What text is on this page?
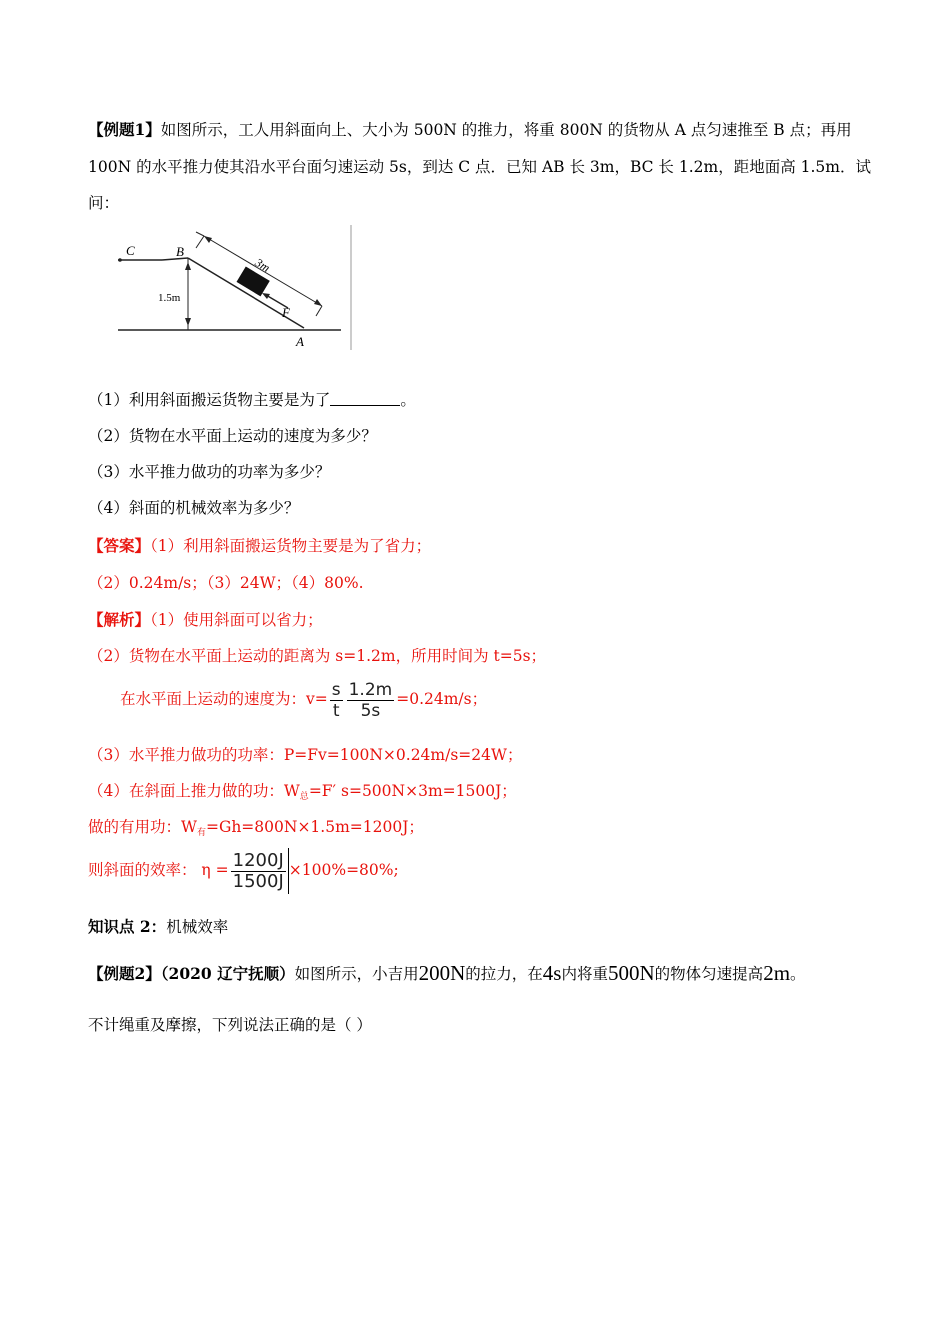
【例题1】如图所示，工人用斜面向上、大小为 500N 的推力，将重 800N 的货物从 A 点匀速推至 B 点；再用
100N 的水平推力使其沿水平台面匀速运动 5s，到达 C 点．已知 AB 长 3m，BC 长 1.2m，距地面高 1.5m．试
问：
C	B
A
3m
1.5m
F
（1）利用斜面搬运货物主要是为了	。
（2）货物在水平面上运动的速度为多少？
（3）水平推力做功的功率为多少？
（4）斜面的机械效率为多少？
【答案】（1）利用斜面搬运货物主要是为了省力；
（2）0.24m/s；（3）24W；（4）80%.
【解析】（1）使用斜面可以省力；
（2）货物在水平面上运动的距离为 s=1.2m，所用时间为 t=5s；
在水平面上运动的速度为：$v= \frac{s}{t} \frac{1.2m}{5s} =0.24m/s$；
（3）水平推力做功的功率：P=Fv=100N×0.24m/s=24W；
（4）在斜面上推力做的功：$W_总=F'$ s=500N×3m=1500J；
做的有用功：$W_有=Gh=800N\times 1.5m=1200J$；
则斜面的效率： $\eta = \frac{1200J}{1500J} \times 100\%=80\%$;
知识点 2：机械效率
【例题2】（2020 辽宁抚顺）如图所示，小吉用200N的拉力，在4s内将重500N的物体匀速提高2m。
不计绳重及摩擦，下列说法正确的是（ ）
